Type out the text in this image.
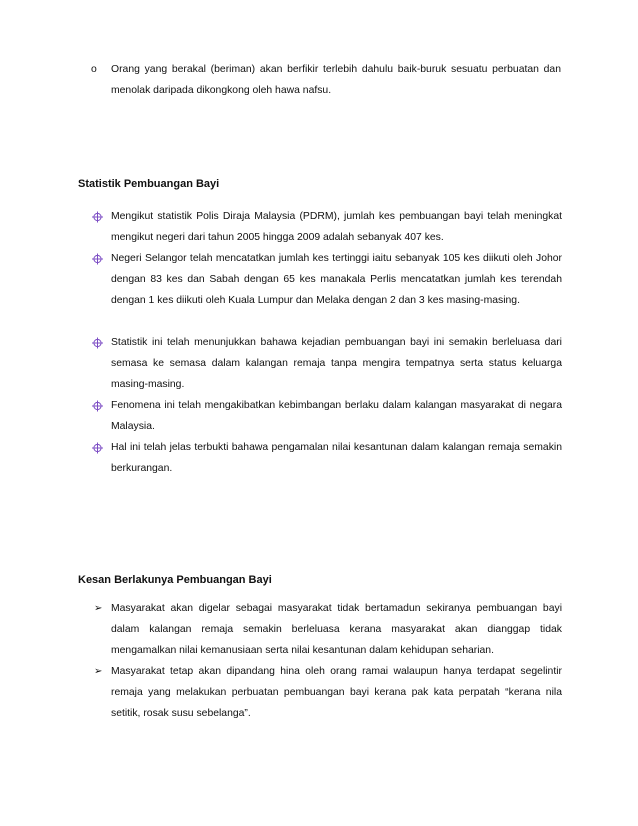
o Orang yang berakal (beriman) akan berfikir terlebih dahulu baik-buruk sesuatu perbuatan dan menolak daripada dikongkong oleh hawa nafsu.

Statistik Pembuangan Bayi

Mengikut statistik Polis Diraja Malaysia (PDRM), jumlah kes pembuangan bayi telah meningkat mengikut negeri dari tahun 2005 hingga 2009 adalah sebanyak 407 kes.

Negeri Selangor telah mencatatkan jumlah kes tertinggi iaitu sebanyak 105 kes diikuti oleh Johor dengan 83 kes dan Sabah dengan 65 kes manakala Perlis mencatatkan jumlah kes terendah dengan 1 kes diikuti oleh Kuala Lumpur dan Melaka dengan 2 dan 3 kes masing-masing.

Statistik ini telah menunjukkan bahawa kejadian pembuangan bayi ini semakin berleluasa dari semasa ke semasa dalam kalangan remaja tanpa mengira tempatnya serta status keluarga masing-masing.

Fenomena ini telah mengakibatkan kebimbangan berlaku dalam kalangan masyarakat di negara Malaysia.

Hal ini telah jelas terbukti bahawa pengamalan nilai kesantunan dalam kalangan remaja semakin berkurangan.

Kesan Berlakunya Pembuangan Bayi
➢ Masyarakat akan digelar sebagai masyarakat tidak bertamadun sekiranya pembuangan bayi dalam kalangan remaja semakin berleluasa kerana masyarakat akan dianggap tidak mengamalkan nilai kemanusiaan serta nilai kesantunan dalam kehidupan seharian.

➢ Masyarakat tetap akan dipandang hina oleh orang ramai walaupun hanya terdapat segelintir remaja yang melakukan perbuatan pembuangan bayi kerana pak kata perpatah “kerana nila setitik, rosak susu sebelanga”.
